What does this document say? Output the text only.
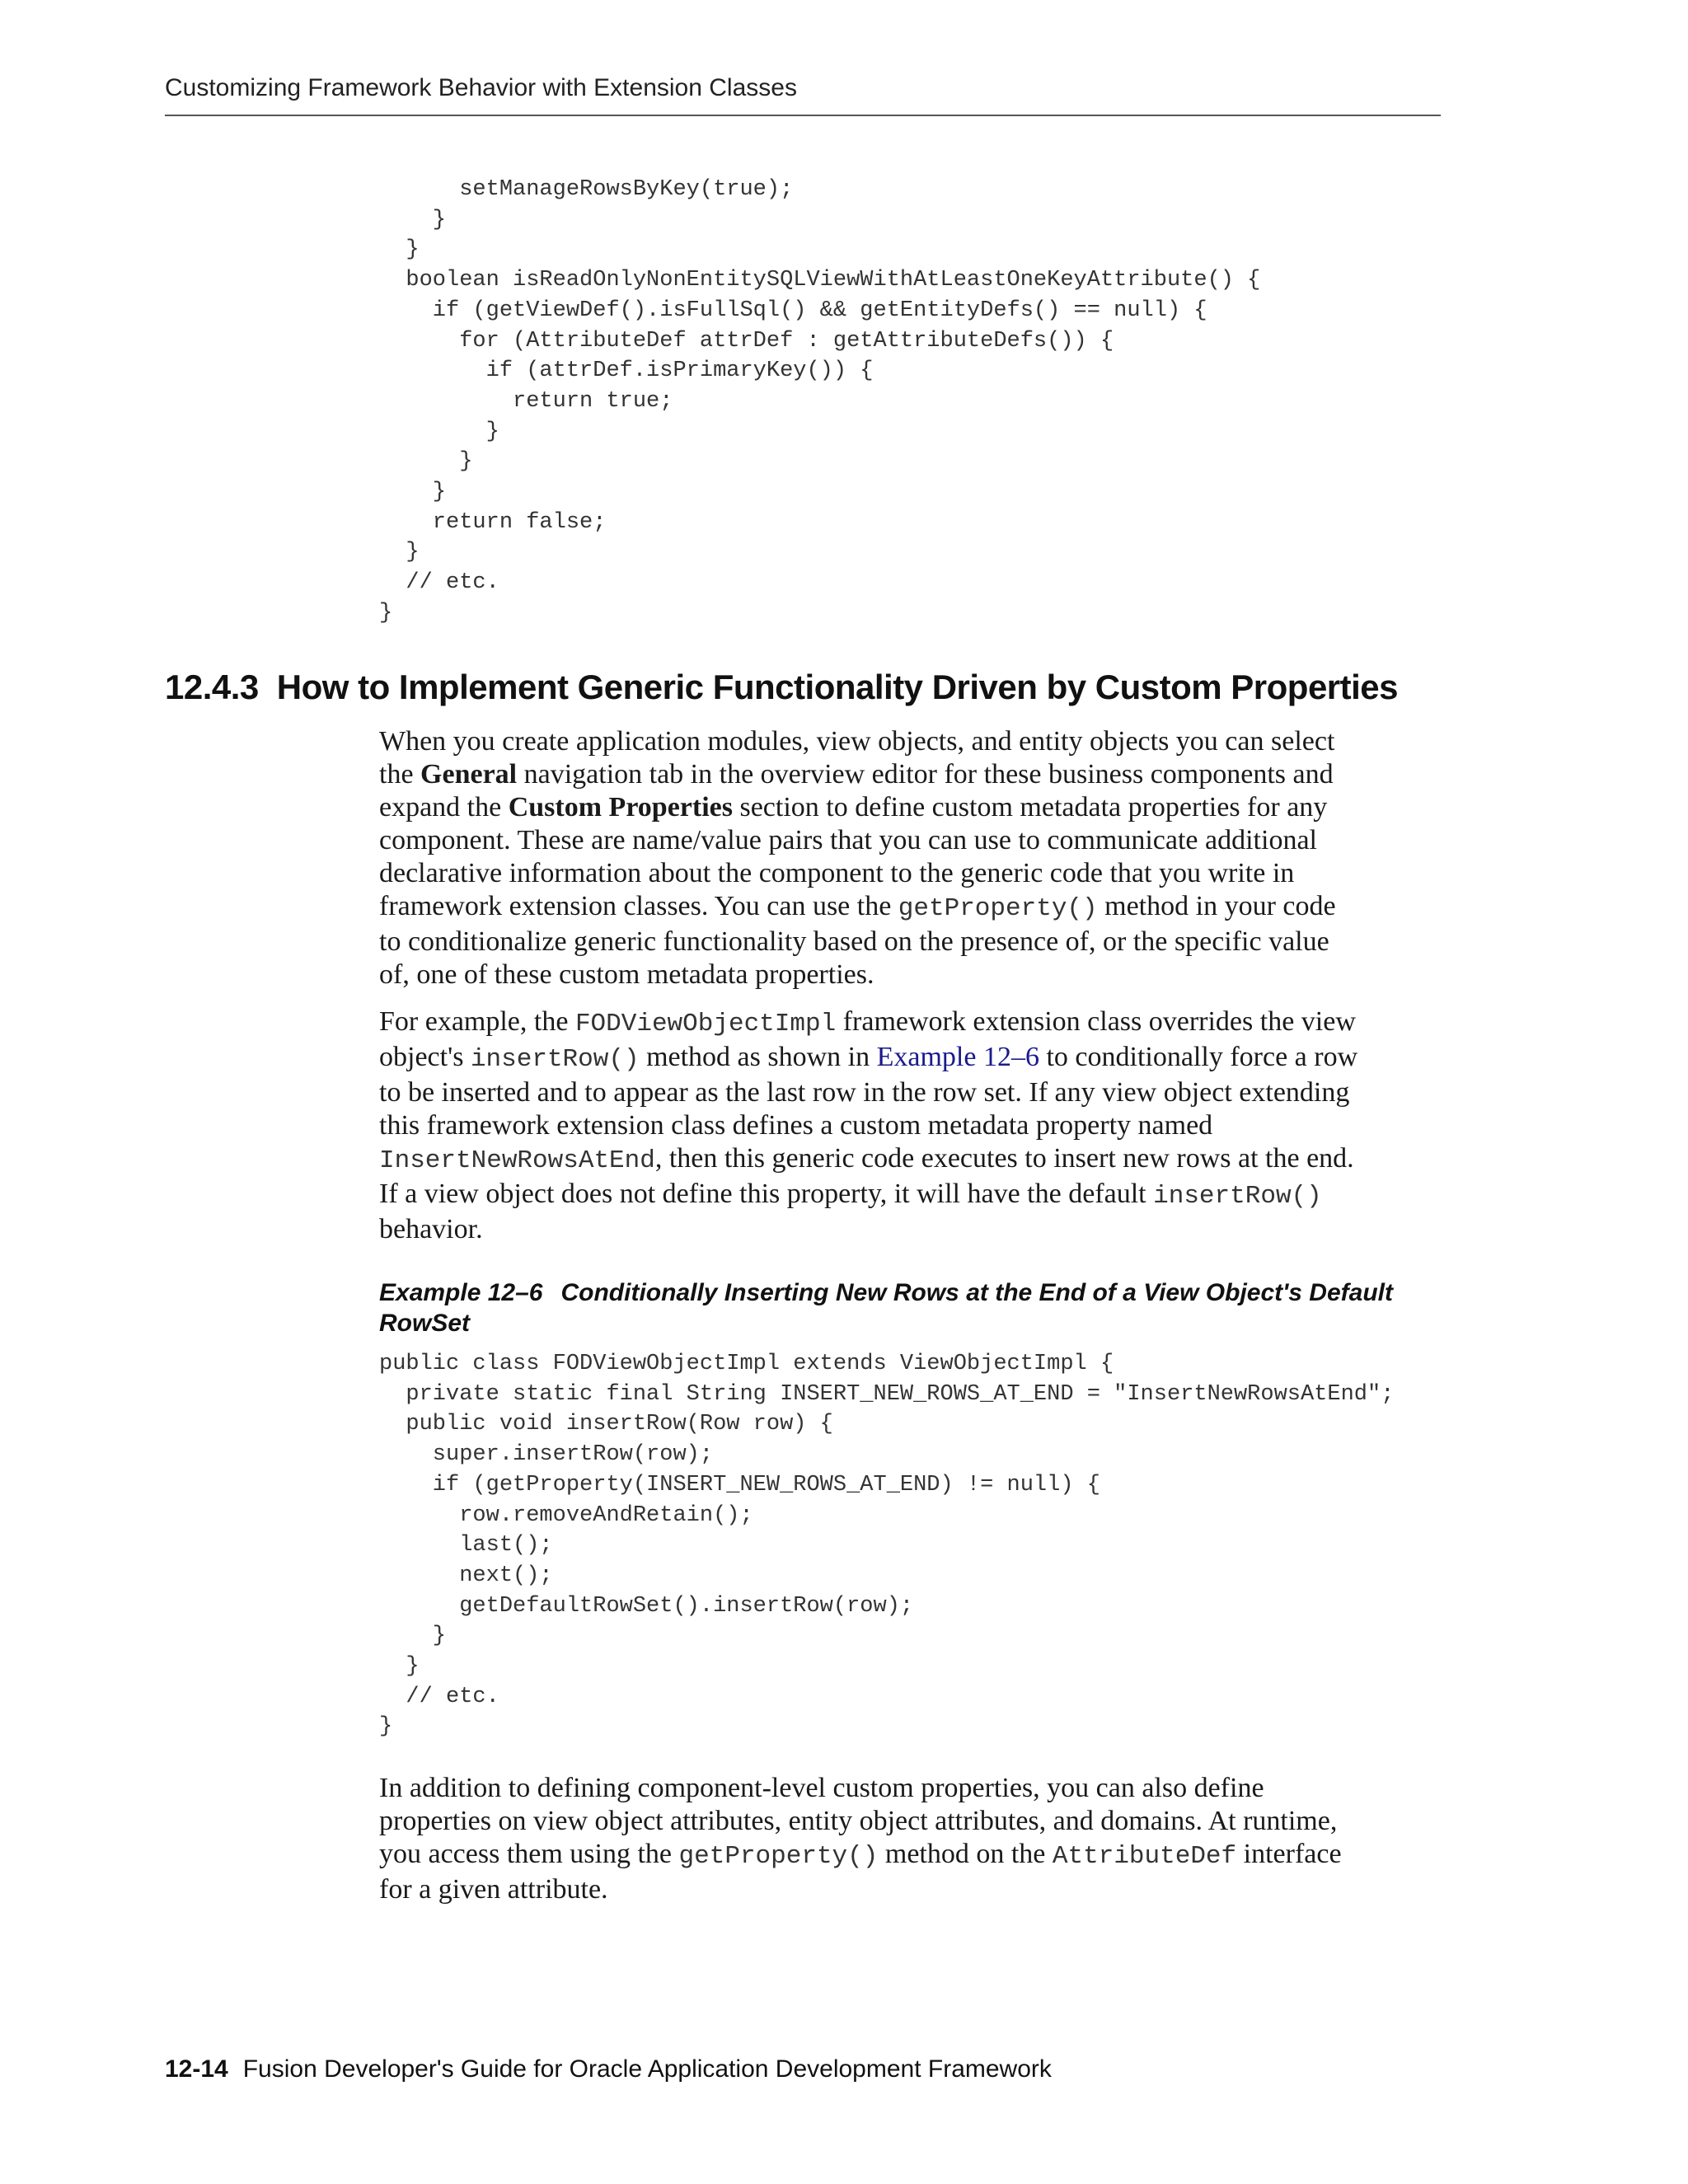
Customizing Framework Behavior with Extension Classes
setManageRowsByKey(true);
}
}
boolean isReadOnlyNonEntitySQLViewWithAtLeastOneKeyAttribute() {
if (getViewDef().isFullSql() && getEntityDefs() == null) {
for (AttributeDef attrDef : getAttributeDefs()) {
if (attrDef.isPrimaryKey()) {
return true;
}
}
}
return false;
}
// etc.
}
12.4.3 How to Implement Generic Functionality Driven by Custom Properties
When you create application modules, view objects, and entity objects you can select
the General navigation tab in the overview editor for these business components and
expand the Custom Properties section to define custom metadata properties for any
component. These are name/value pairs that you can use to communicate additional
declarative information about the component to the generic code that you write in
framework extension classes. You can use the getProperty() method in your code
to conditionalize generic functionality based on the presence of, or the specific value
of, one of these custom metadata properties.
For example, the FODViewObjectImpl framework extension class overrides the view
object's insertRow() method as shown in Example 12–6 to conditionally force a row
to be inserted and to appear as the last row in the row set. If any view object extending
this framework extension class defines a custom metadata property named
InsertNewRowsAtEnd, then this generic code executes to insert new rows at the end.
If a view object does not define this property, it will have the default insertRow()
behavior.
Example 12–6 Conditionally Inserting New Rows at the End of a View Object's Default
RowSet
public class FODViewObjectImpl extends ViewObjectImpl {
private static final String INSERT_NEW_ROWS_AT_END = "InsertNewRowsAtEnd";
public void insertRow(Row row) {
super.insertRow(row);
if (getProperty(INSERT_NEW_ROWS_AT_END) != null) {
row.removeAndRetain();
last();
next();
getDefaultRowSet().insertRow(row);
}
}
// etc.
}
In addition to defining component-level custom properties, you can also define
properties on view object attributes, entity object attributes, and domains. At runtime,
you access them using the getProperty() method on the AttributeDef interface
for a given attribute.
12-14 Fusion Developer's Guide for Oracle Application Development Framework
